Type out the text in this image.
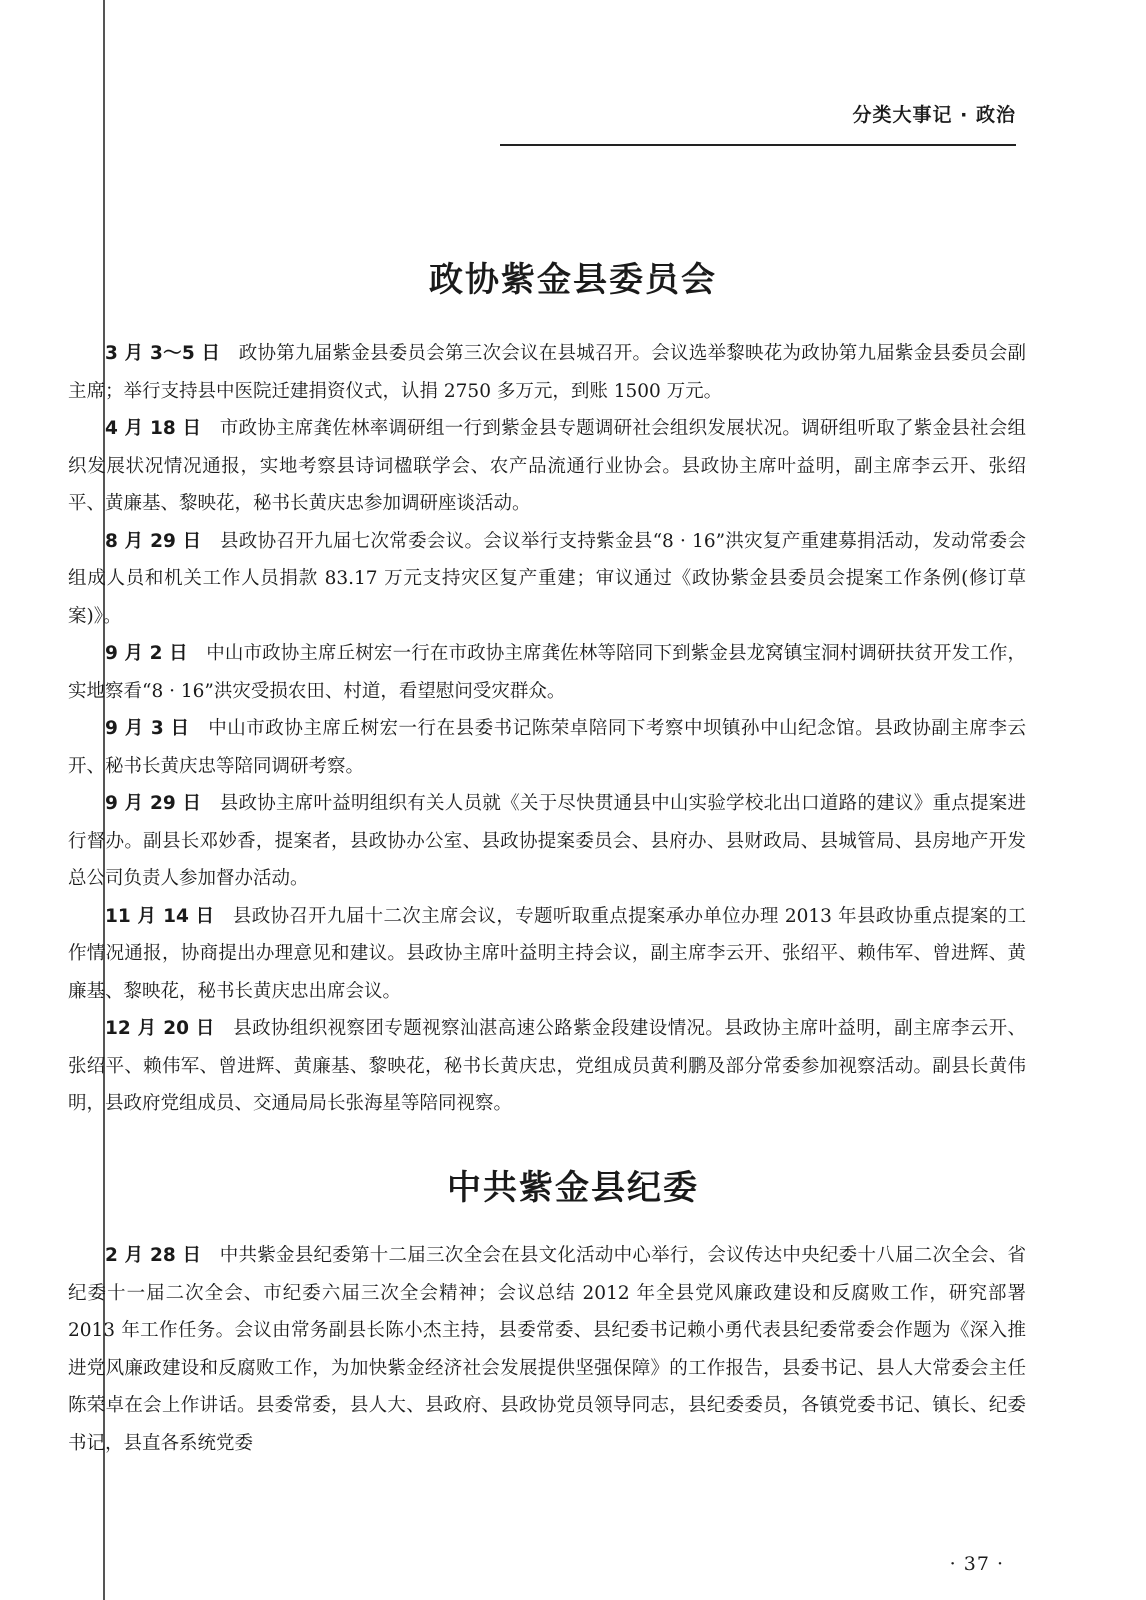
分类大事记 · 政治
政协紫金县委员会
3 月 3～5 日 政协第九届紫金县委员会第三次会议在县城召开。会议选举黎映花为政协第九届紫金县委员会副主席；举行支持县中医院迁建捐资仪式，认捐 2750 多万元，到账 1500 万元。
4 月 18 日 市政协主席龚佐林率调研组一行到紫金县专题调研社会组织发展状况。调研组听取了紫金县社会组织发展状况情况通报，实地考察县诗词楹联学会、农产品流通行业协会。县政协主席叶益明，副主席李云开、张绍平、黄廉基、黎映花，秘书长黄庆忠参加调研座谈活动。
8 月 29 日 县政协召开九届七次常委会议。会议举行支持紫金县“8 · 16”洪灾复产重建募捐活动，发动常委会组成人员和机关工作人员捐款 83.17 万元支持灾区复产重建；审议通过《政协紫金县委员会提案工作条例(修订草案)》。
9 月 2 日 中山市政协主席丘树宏一行在市政协主席龚佐林等陪同下到紫金县龙窝镇宝洞村调研扶贫开发工作，实地察看“8 · 16”洪灾受损农田、村道，看望慰问受灾群众。
9 月 3 日 中山市政协主席丘树宏一行在县委书记陈荣卓陪同下考察中坝镇孙中山纪念馆。县政协副主席李云开、秘书长黄庆忠等陪同调研考察。
9 月 29 日 县政协主席叶益明组织有关人员就《关于尽快贯通县中山实验学校北出口道路的建议》重点提案进行督办。副县长邓妙香，提案者，县政协办公室、县政协提案委员会、县府办、县财政局、县城管局、县房地产开发总公司负责人参加督办活动。
11 月 14 日 县政协召开九届十二次主席会议，专题听取重点提案承办单位办理 2013 年县政协重点提案的工作情况通报，协商提出办理意见和建议。县政协主席叶益明主持会议，副主席李云开、张绍平、赖伟军、曾进辉、黄廉基、黎映花，秘书长黄庆忠出席会议。
12 月 20 日 县政协组织视察团专题视察汕湛高速公路紫金段建设情况。县政协主席叶益明，副主席李云开、张绍平、赖伟军、曾进辉、黄廉基、黎映花，秘书长黄庆忠，党组成员黄利鹏及部分常委参加视察活动。副县长黄伟明，县政府党组成员、交通局局长张海星等陪同视察。
中共紫金县纪委
2 月 28 日 中共紫金县纪委第十二届三次全会在县文化活动中心举行，会议传达中央纪委十八届二次全会、省纪委十一届二次全会、市纪委六届三次全会精神；会议总结 2012 年全县党风廉政建设和反腐败工作，研究部署 2013 年工作任务。会议由常务副县长陈小杰主持，县委常委、县纪委书记赖小勇代表县纪委常委会作题为《深入推进党风廉政建设和反腐败工作，为加快紫金经济社会发展提供坚强保障》的工作报告，县委书记、县人大常委会主任陈荣卓在会上作讲话。县委常委，县人大、县政府、县政协党员领导同志，县纪委委员，各镇党委书记、镇长、纪委书记，县直各系统党委
· 37 ·
